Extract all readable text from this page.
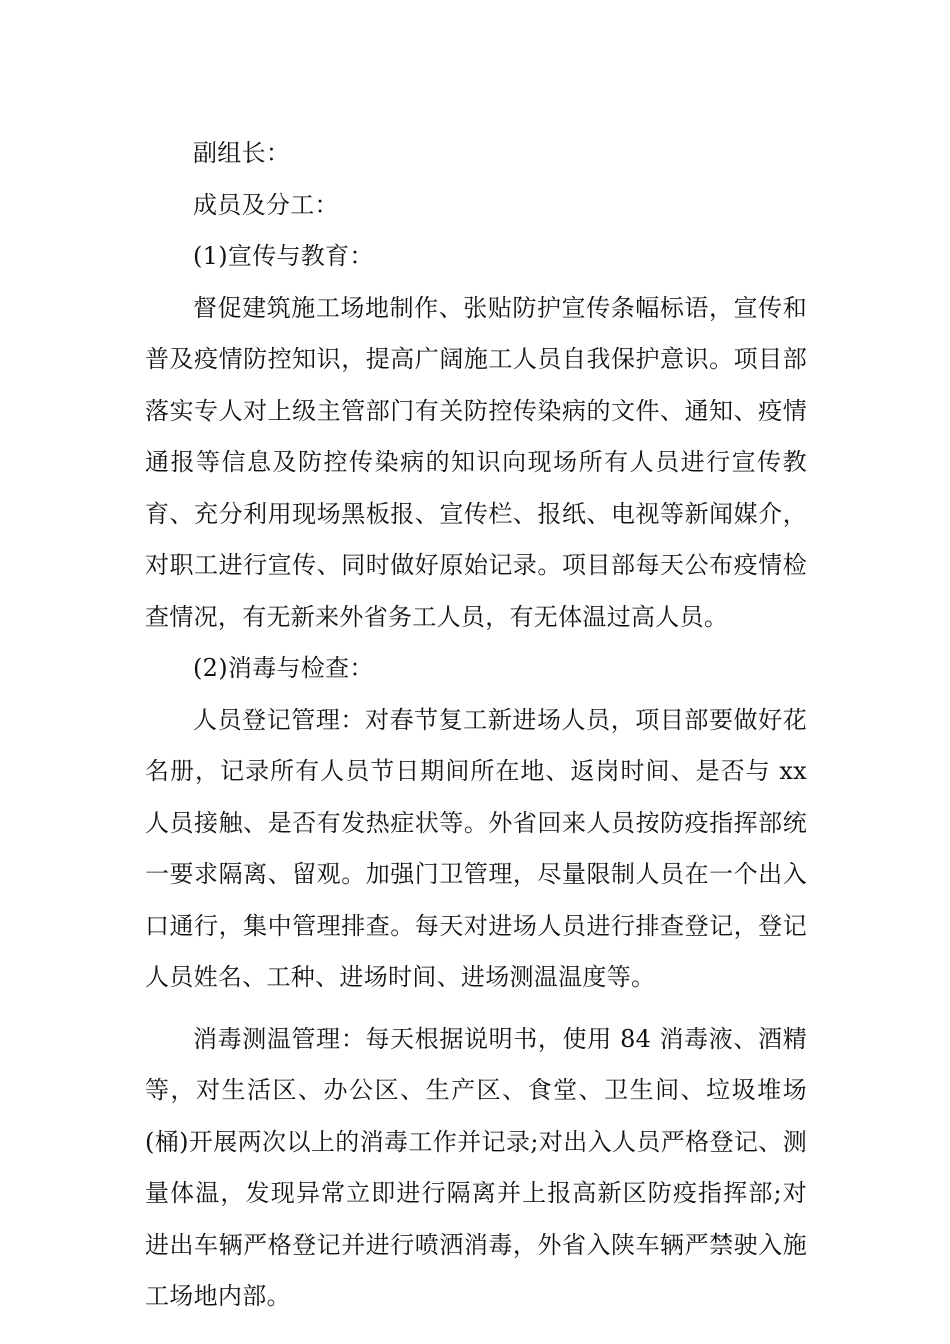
副组长：

成员及分工：

(1)宣传与教育：

督促建筑施工场地制作、张贴防护宣传条幅标语，宣传和普及疫情防控知识，提高广阔施工人员自我保护意识。项目部落实专人对上级主管部门有关防控传染病的文件、通知、疫情通报等信息及防控传染病的知识向现场所有人员进行宣传教育、充分利用现场黑板报、宣传栏、报纸、电视等新闻媒介，对职工进行宣传、同时做好原始记录。项目部每天公布疫情检查情况，有无新来外省务工人员，有无体温过高人员。

(2)消毒与检查：

人员登记管理：对春节复工新进场人员，项目部要做好花名册，记录所有人员节日期间所在地、返岗时间、是否与 xx 人员接触、是否有发热症状等。外省回来人员按防疫指挥部统一要求隔离、留观。加强门卫管理，尽量限制人员在一个出入口通行，集中管理排查。每天对进场人员进行排查登记，登记人员姓名、工种、进场时间、进场测温温度等。

消毒测温管理：每天根据说明书，使用 84 消毒液、酒精等，对生活区、办公区、生产区、食堂、卫生间、垃圾堆场(桶)开展两次以上的消毒工作并记录;对出入人员严格登记、测量体温，发现异常立即进行隔离并上报高新区防疫指挥部;对进出车辆严格登记并进行喷洒消毒，外省入陕车辆严禁驶入施工场地内部。
